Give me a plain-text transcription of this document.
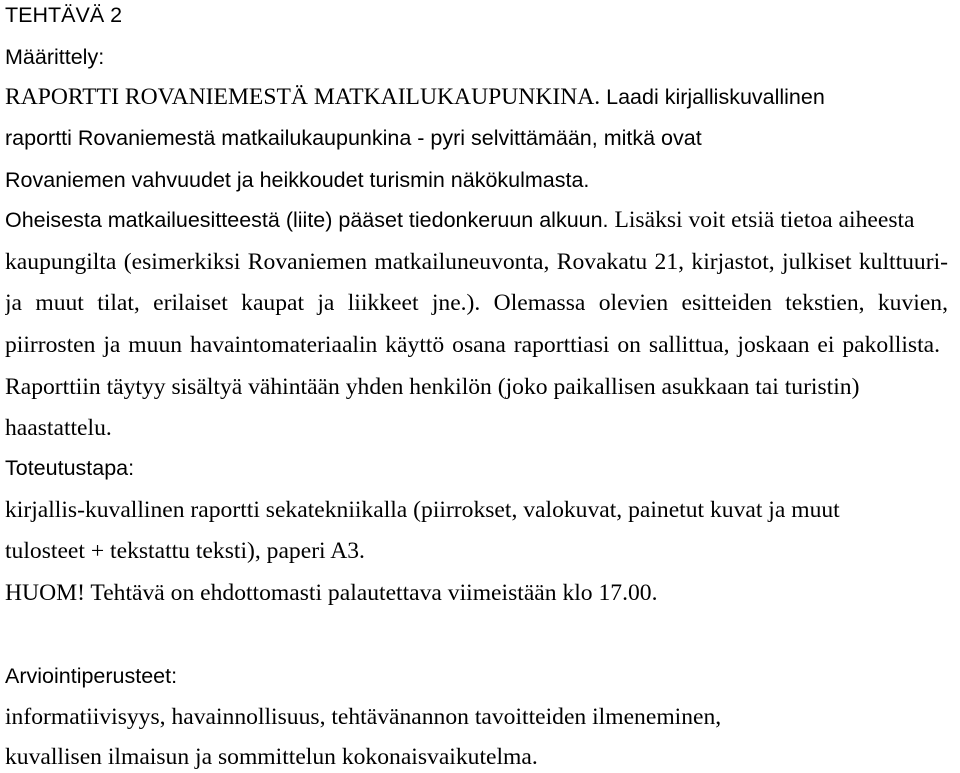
TEHTÄVÄ 2
Määrittely:
RAPORTTI ROVANIEMESTÄ MATKAILUKAUPUNKINA. Laadi kirjalliskuvallinen
raportti Rovaniemestä matkailukaupunkina - pyri selvittämään, mitkä ovat
Rovaniemen vahvuudet ja heikkoudet turismin näkökulmasta.
Oheisesta matkailuesitteestä (liite) pääset tiedonkeruun alkuun. Lisäksi voit etsiä tietoa aiheesta
kaupungilta (esimerkiksi Rovaniemen matkailuneuvonta, Rovakatu 21, kirjastot, julkiset kulttuuri-
ja muut tilat, erilaiset kaupat ja liikkeet jne.). Olemassa olevien esitteiden tekstien, kuvien,
piirrosten ja muun havaintomateriaalin käyttö osana raporttiasi on sallittua, joskaan ei pakollista.
Raporttiin täytyy sisältyä vähintään yhden henkilön (joko paikallisen asukkaan tai turistin)
haastattelu.
Toteutustapa:
kirjallis-kuvallinen raportti sekatekniikalla (piirrokset, valokuvat, painetut kuvat ja muut
tulosteet + tekstattu teksti), paperi A3.
HUOM! Tehtävä on ehdottomasti palautettava viimeistään klo 17.00.
Arviointiperusteet:
informatiivisyys, havainnollisuus, tehtävänannon tavoitteiden ilmeneminen,
kuvallisen ilmaisun ja sommittelun kokonaisvaikutelma.
